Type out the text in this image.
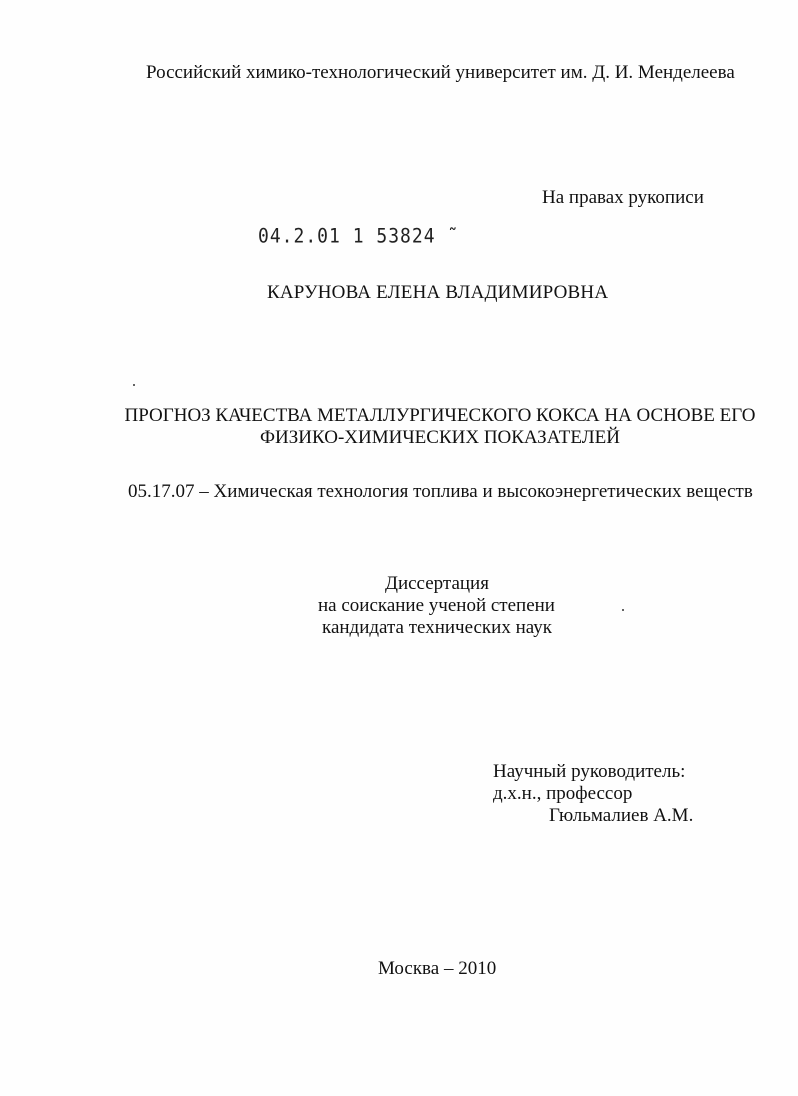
Российский химико-технологический университет им. Д. И. Менделеева
На правах рукописи
04.2.01 1 53824 ˜
КАРУНОВА ЕЛЕНА ВЛАДИМИРОВНА
ПРОГНОЗ КАЧЕСТВА МЕТАЛЛУРГИЧЕСКОГО КОКСА НА ОСНОВЕ ЕГО
ФИЗИКО-ХИМИЧЕСКИХ ПОКАЗАТЕЛЕЙ
05.17.07 – Химическая технология топлива и высокоэнергетических веществ
Диссертация
на соискание ученой степени
кандидата технических наук
Научный руководитель:
д.х.н., профессор
Гюльмалиев А.М.
Москва – 2010
